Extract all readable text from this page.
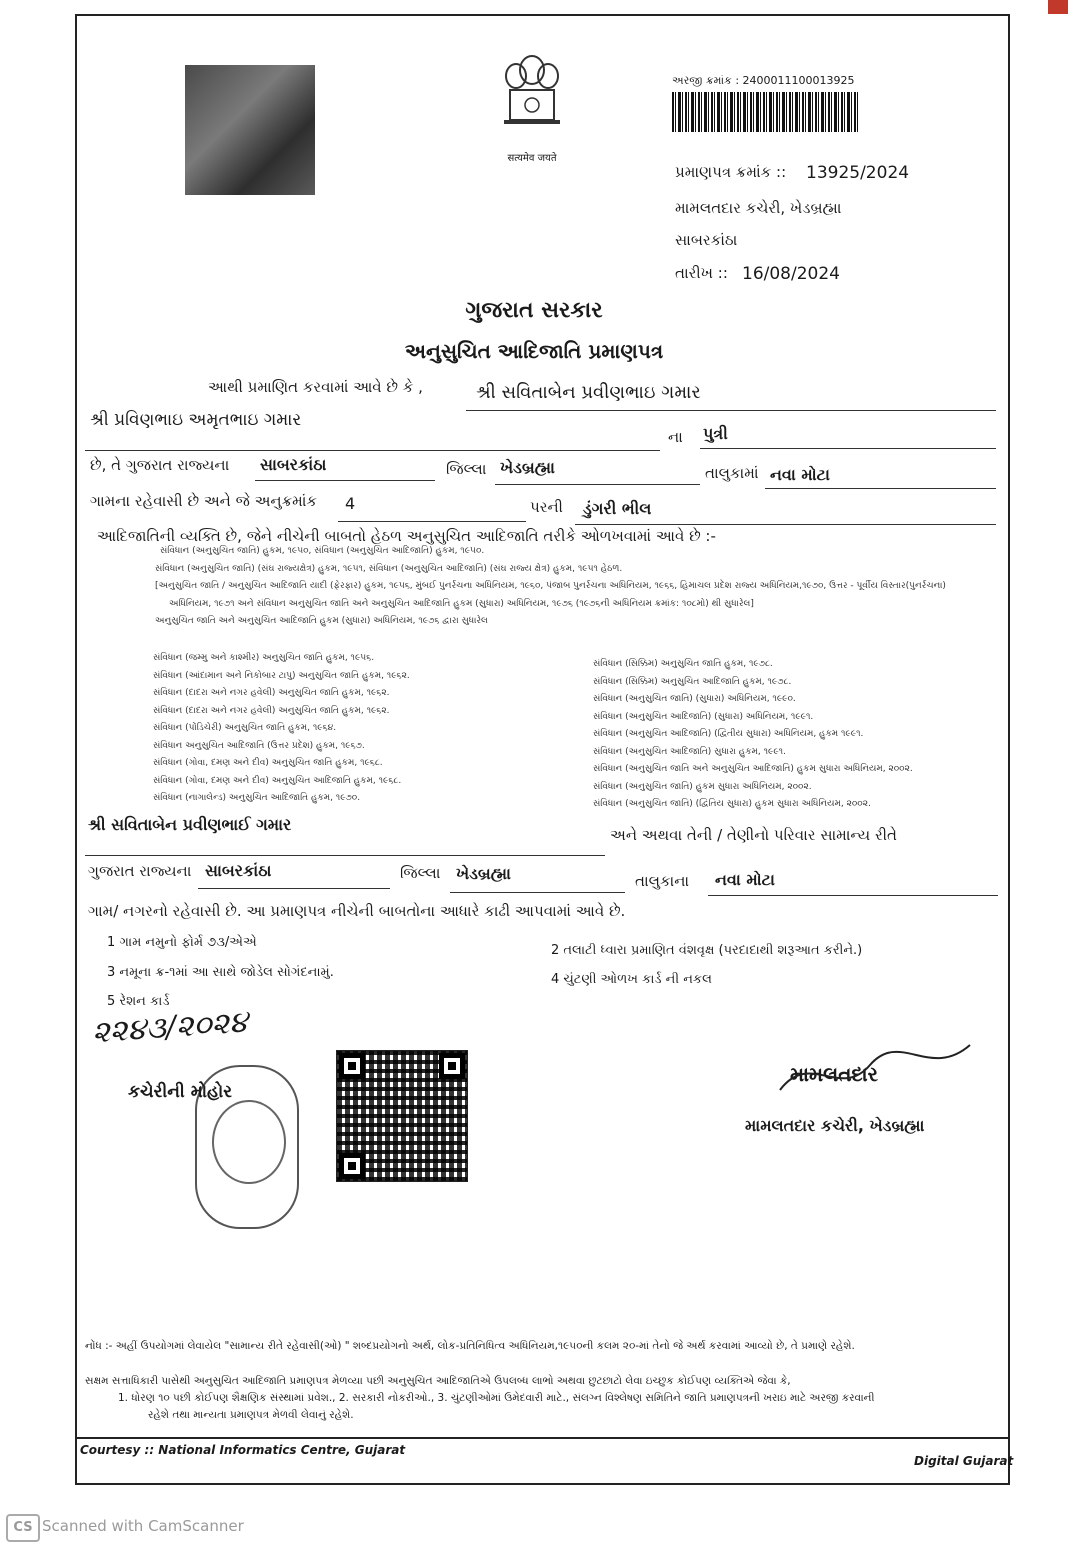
सत्यमेव जयते
અરજી ક્રમાંક : 2400011100013925
પ્રમાણપત્ર ક્રમાંક :: 13925/2024
મામલતદાર કચેરી, ખેડબ્રહ્મા
સાબરકાંઠા
તારીખ :: 16/08/2024
ગુજરાત સરકાર
અનુસુચિત આદિજાતિ પ્રમાણપત્ર
આથી પ્રમાણિત કરવામાં આવે છે કે ,	શ્રી સવિતાબેન પ્રવીણભાઇ ગમાર
શ્રી પ્રવિણભાઇ અમૃતભાઇ ગમાર
ના પુત્રી
છે, તે ગુજરાત રાજ્યના સાબરકાંઠા	જિલ્લા ખેડબ્રહ્મા	તાલુકામાં નવા મોટા
ગામના રહેવાસી છે અને જે અનુક્રમાંક 4	પરની ડુંગરી ભીલ
આદિજાતિની વ્યક્તિ છે, જેને નીચેની બાબતો હેઠળ અનુસુચિત આદિજાતિ તરીકે ઓળખવામાં આવે છે :-
સંવિધાન (અનુસુચિત જાતિ) હુકમ, ૧૯૫૦, સંવિધાન (અનુસુચિત આદિજાતિ) હુકમ, ૧૯૫૦.
સંવિધાન (અનુસુચિત જાતિ) (સંઘ રાજ્યક્ષેત્ર) હુકમ, ૧૯૫૧, સંવિધાન (અનુસુચિત આદિજાતિ) (સંઘ રાજ્ય ક્ષેત્ર) હુકમ, ૧૯૫૧ હેઠળ.
[અનુસુચિત જાતિ / અનુસુચિત આદિજાતિ યાદી (ફેરફાર) હુકમ, ૧૯૫૬, મુંબઈ પુનર્રચના અધિનિયમ, ૧૯૬૦, પંજાબ પુનર્રચના અધિનિયમ, ૧૯૬૬, હિમાચલ પ્રદેશ રાજ્ય અધિનિયમ,૧૯૭૦, ઉત્તર - પૂર્વીય વિસ્તાર(પુનર્રચના)
અધિનિયમ, ૧૯૭૧ અને સંવિધાન અનુસુચિત જાતિ અને અનુસુચિત આદિજાતિ હુકમ (સુધારા) અધિનિયમ, ૧૯૭૬ (૧૯૭૬ની અધિનિયમ ક્રમાંક: ૧૦૮મો) થી સુધારેલ]
અનુસુચિત જાતિ અને અનુસુચિત આદિજાતિ હુકમ (સુધારા) અધિનિયમ, ૧૯૭૬ દ્વારા સુધારેલ
સંવિધાન (જમ્મુ અને કાશ્મીર) અનુસુચિત જાતિ હુકમ, ૧૯૫૬.
સંવિધાન (આંદામાન અને નિકોબાર ટાપુ) અનુસુચિત જાતિ હુકમ, ૧૯૬૨.
સંવિધાન (દાદરા અને નગર હવેલી) અનુસુચિત જાતિ હુકમ, ૧૯૬૨.
સંવિધાન (દાદરા અને નગર હવેલી) અનુસુચિત જાતિ હુકમ, ૧૯૬૨.
સંવિધાન (પોંડિચેરી) અનુસુચિત જાતિ હુકમ, ૧૯૬૪.
સંવિધાન અનુસુચિત આદિજાતિ (ઉત્તર પ્રદેશ) હુકમ, ૧૯૬૭.
સંવિધાન (ગોવા, દમણ અને દીવ) અનુસુચિત જાતિ હુકમ, ૧૯૬૮.
સંવિધાન (ગોવા, દમણ અને દીવ) અનુસુચિત આદિજાતિ હુકમ, ૧૯૬૮.
સંવિધાન (નાગાલેન્ડ) અનુસુચિત આદિજાતિ હુકમ, ૧૯૭૦.
સંવિધાન (સિક્કિમ) અનુસુચિત જાતિ હુકમ, ૧૯૭૮.
સંવિધાન (સિક્કિમ) અનુસુચિત આદિજાતિ હુકમ, ૧૯૭૮.
સંવિધાન (અનુસુચિત જાતિ) (સુધારા) અધિનિયમ, ૧૯૯૦.
સંવિધાન (અનુસુચિત આદિજાતિ) (સુધારા) અધિનિયમ, ૧૯૯૧.
સંવિધાન (અનુસુચિત આદિજાતિ) (દ્વિતીય સુધારા) અધિનિયમ, હુકમ ૧૯૯૧.
સંવિધાન (અનુસુચિત આદિજાતિ) સુધારા હુકમ, ૧૯૯૧.
સંવિધાન (અનુસુચિત જાતિ અને અનુસુચિત આદિજાતિ) હુકમ સુધારા અધિનિયમ, ૨૦૦૨.
સંવિધાન (અનુસુચિત જાતિ) હુકમ સુધારા અધિનિયમ, ૨૦૦૨.
સંવિધાન (અનુસુચિત જાતિ) (દ્વિતિય સુધારા) હુકમ સુધારા અધિનિયમ, ૨૦૦૨.
શ્રી સવિતાબેન પ્રવીણભાઈ ગમાર
અને અથવા તેની / તેણીનો પરિવાર સામાન્ય રીતે
ગુજરાત રાજ્યના સાબરકાંઠા	જિલ્લા ખેડબ્રહ્મા	તાલુકાના નવા મોટા
ગામ/ નગરનો રહેવાસી છે. આ પ્રમાણપત્ર નીચેની બાબતોના આધારે કાઢી આપવામાં આવે છે.
1 ગામ નમુનો ફોર્મ ૭૩/એએ
2 તલાટી ધ્વારા પ્રમાણિત વંશવૃક્ષ (પરદાદાથી શરૂઆત કરીને.)
3 નમૂના ક્ર-૧માં આ સાથે જોડેલ સોગંદનામું.	4 ચુંટણી ઓળખ કાર્ડ ની નકલ
5 રેશન કાર્ડ
૨૨૪૩/૨૦૨૪
કચેરીની મોહોર
મામલતદાર
મામલતદાર કચેરી, ખેડબ્રહ્મા
નોંધ :- અહીં ઉપયોગમાં લેવાયેલ "સામાન્ય રીતે રહેવાસી(ઓ) " શબ્દપ્રયોગનો અર્થ, લોક-પ્રતિનિધિત્વ અધિનિયમ,૧૯૫૦ની કલમ ૨૦-માં તેનો જે અર્થ કરવામાં આવ્યો છે, તે પ્રમાણે રહેશે.
સક્ષમ સત્તાધિકારી પાસેથી અનુસુચિત આદિજાતિ પ્રમાણપત્ર મેળવ્યા પછી અનુસુચિત આદિજાતિએ ઉપલબ્ધ લાભો અથવા છુટછાટો લેવા ઇચ્છુક કોઈપણ વ્યક્તિએ જેવા કે,
1. ધોરણ ૧૦ પછી કોઈપણ શૈક્ષણિક સંસ્થામાં પ્રવેશ., 2. સરકારી નોકરીઓ., 3. ચુંટણીઓમાં ઉમેદવારી માટે., સંલગ્ન વિશ્લેષણ સમિતિને જાતિ પ્રમાણપત્રની ખરાઇ માટે અરજી કરવાની
રહેશે તથા માન્યતા પ્રમાણપત્ર મેળવી લેવાનું રહેશે.
Courtesy :: National Informatics Centre, Gujarat
Digital Gujarat
CS Scanned with CamScanner
